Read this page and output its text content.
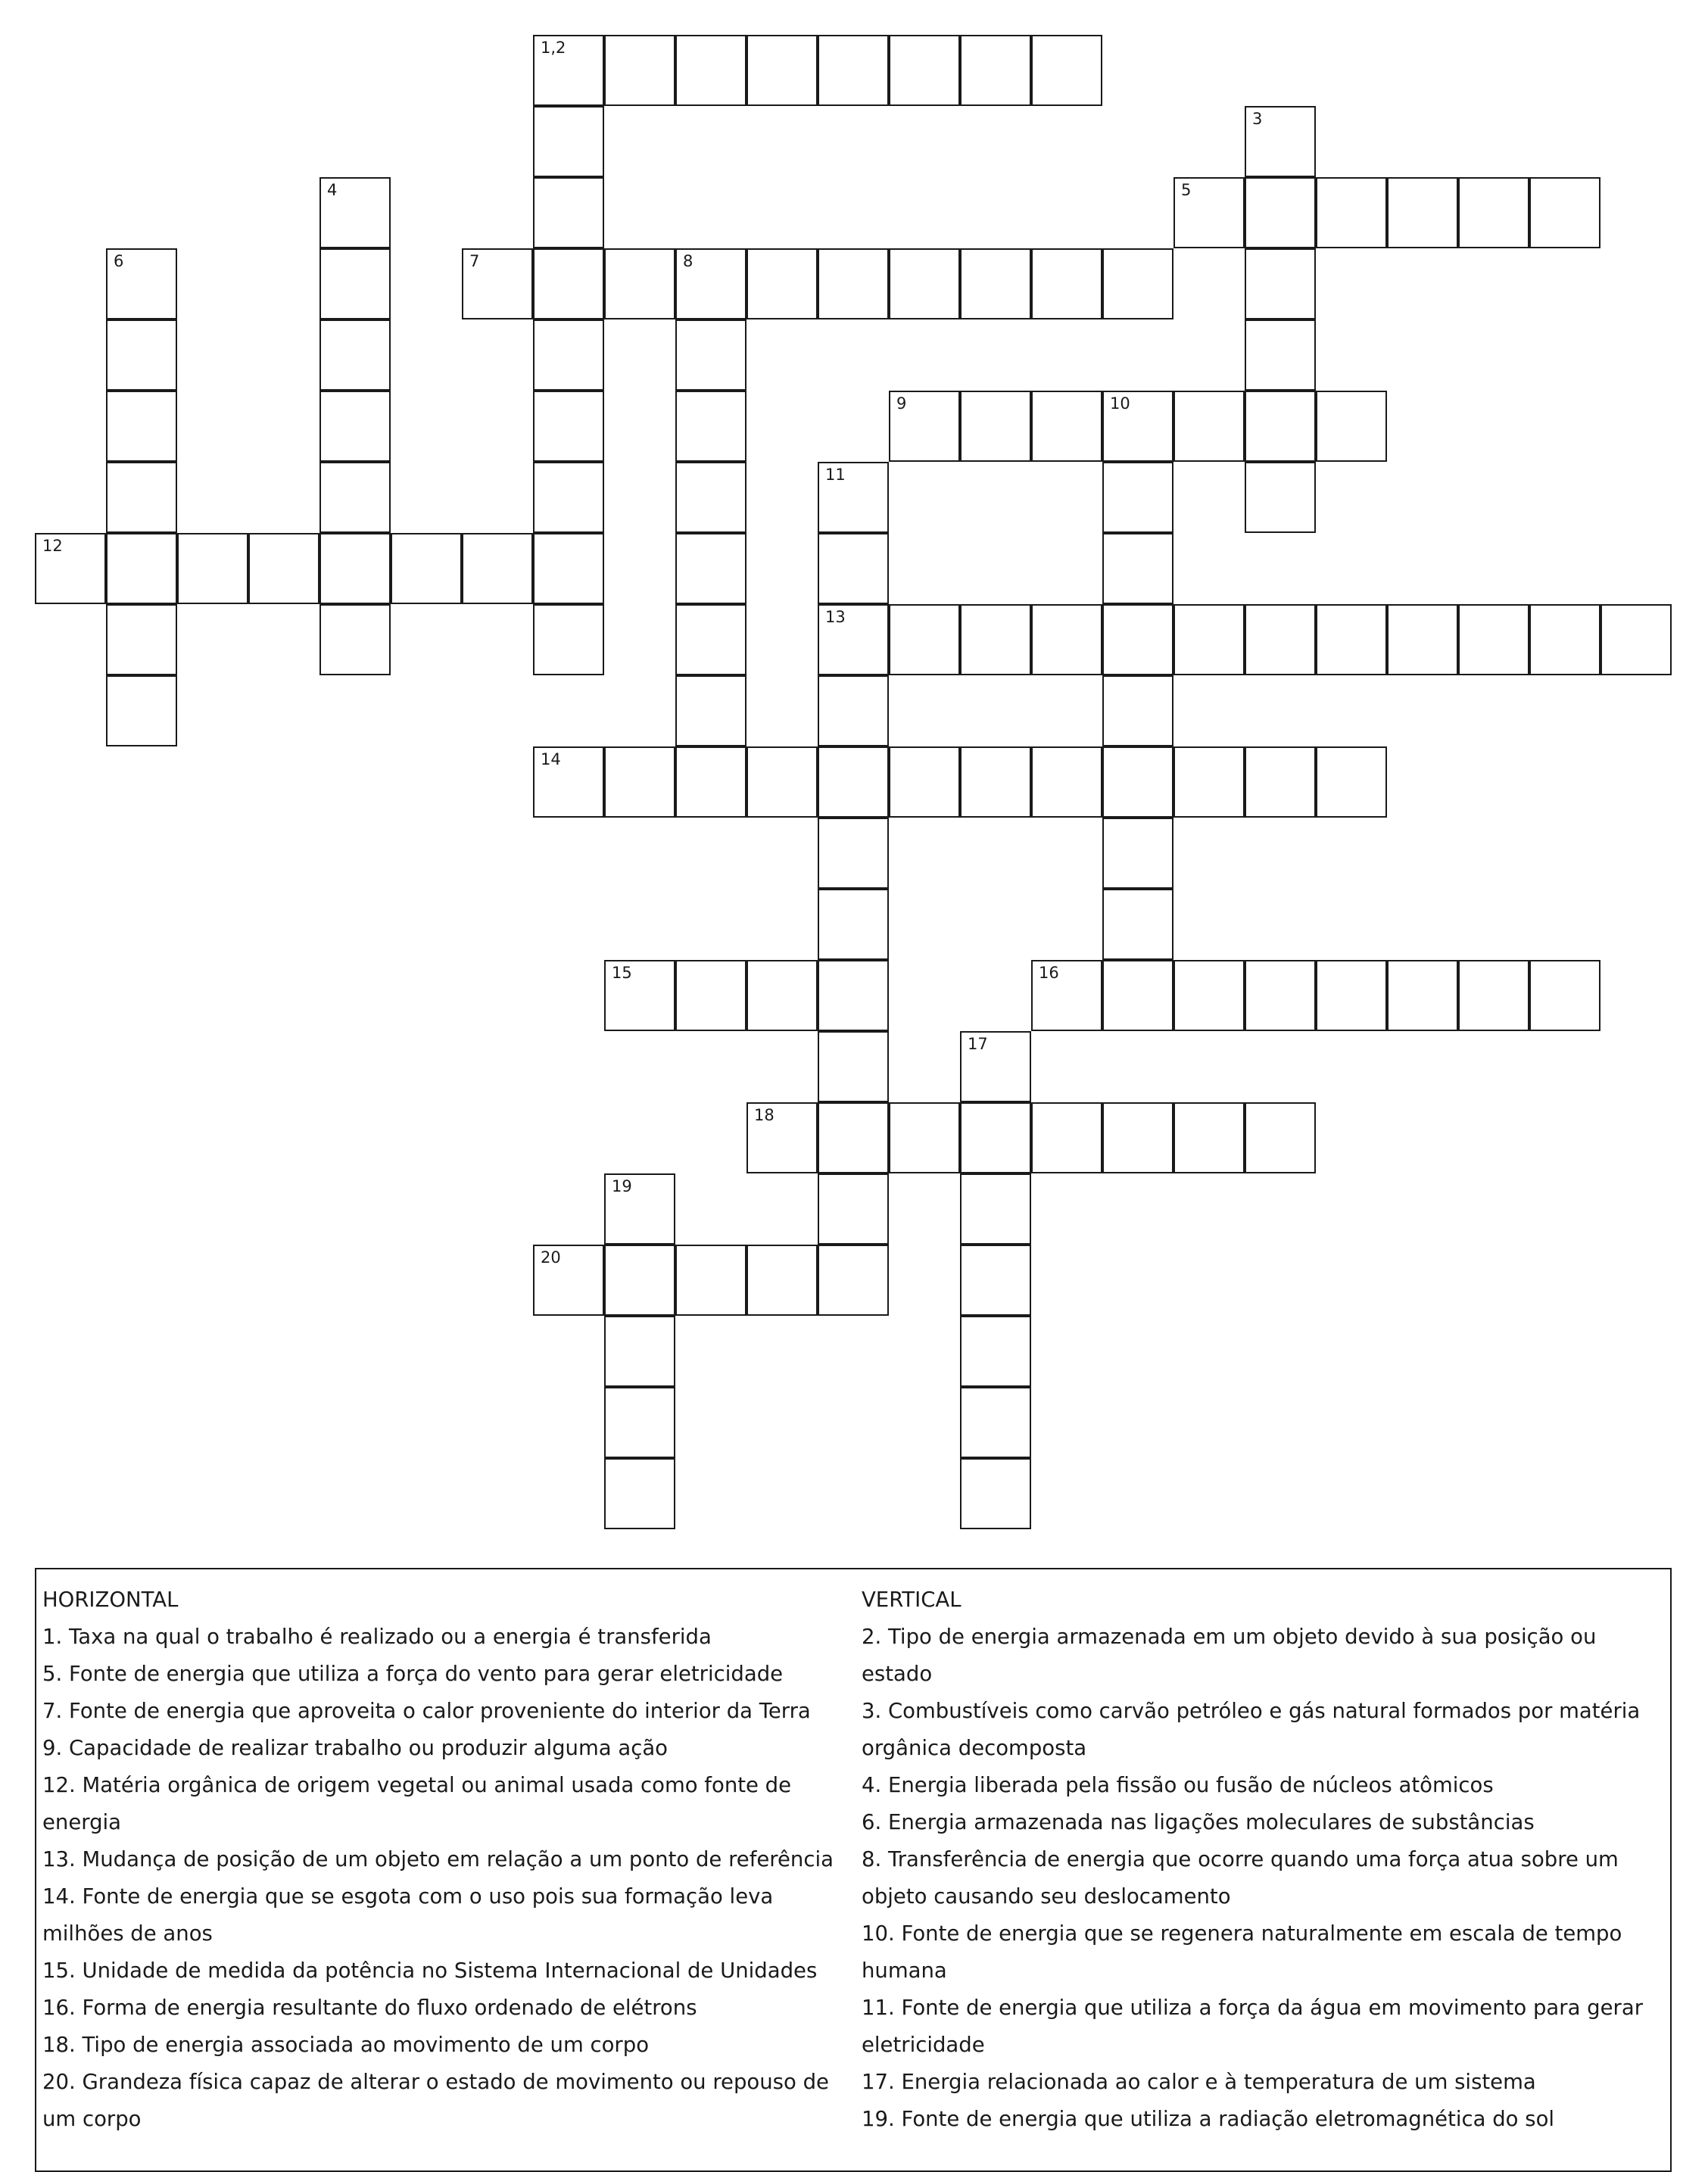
1,2
3
4	5
6	7	8
9	10
11
12
13
14
15	16
17
18
19
20

HORIZONTAL

1. Taxa na qual o trabalho é realizado ou a energia é transferida

5. Fonte de energia que utiliza a força do vento para gerar eletricidade

7. Fonte de energia que aproveita o calor proveniente do interior da Terra

9. Capacidade de realizar trabalho ou produzir alguma ação

12. Matéria orgânica de origem vegetal ou animal usada como fonte de energia

13. Mudança de posição de um objeto em relação a um ponto de referência

14. Fonte de energia que se esgota com o uso pois sua formação leva milhões de anos

15. Unidade de medida da potência no Sistema Internacional de Unidades

16. Forma de energia resultante do fluxo ordenado de elétrons

18. Tipo de energia associada ao movimento de um corpo

20. Grandeza física capaz de alterar o estado de movimento ou repouso de um corpo

VERTICAL

2. Tipo de energia armazenada em um objeto devido à sua posição ou estado

3. Combustíveis como carvão petróleo e gás natural formados por matéria orgânica decomposta

4. Energia liberada pela fissão ou fusão de núcleos atômicos

6. Energia armazenada nas ligações moleculares de substâncias

8. Transferência de energia que ocorre quando uma força atua sobre um objeto causando seu deslocamento

10. Fonte de energia que se regenera naturalmente em escala de tempo humana

11. Fonte de energia que utiliza a força da água em movimento para gerar eletricidade

17. Energia relacionada ao calor e à temperatura de um sistema

19. Fonte de energia que utiliza a radiação eletromagnética do sol
